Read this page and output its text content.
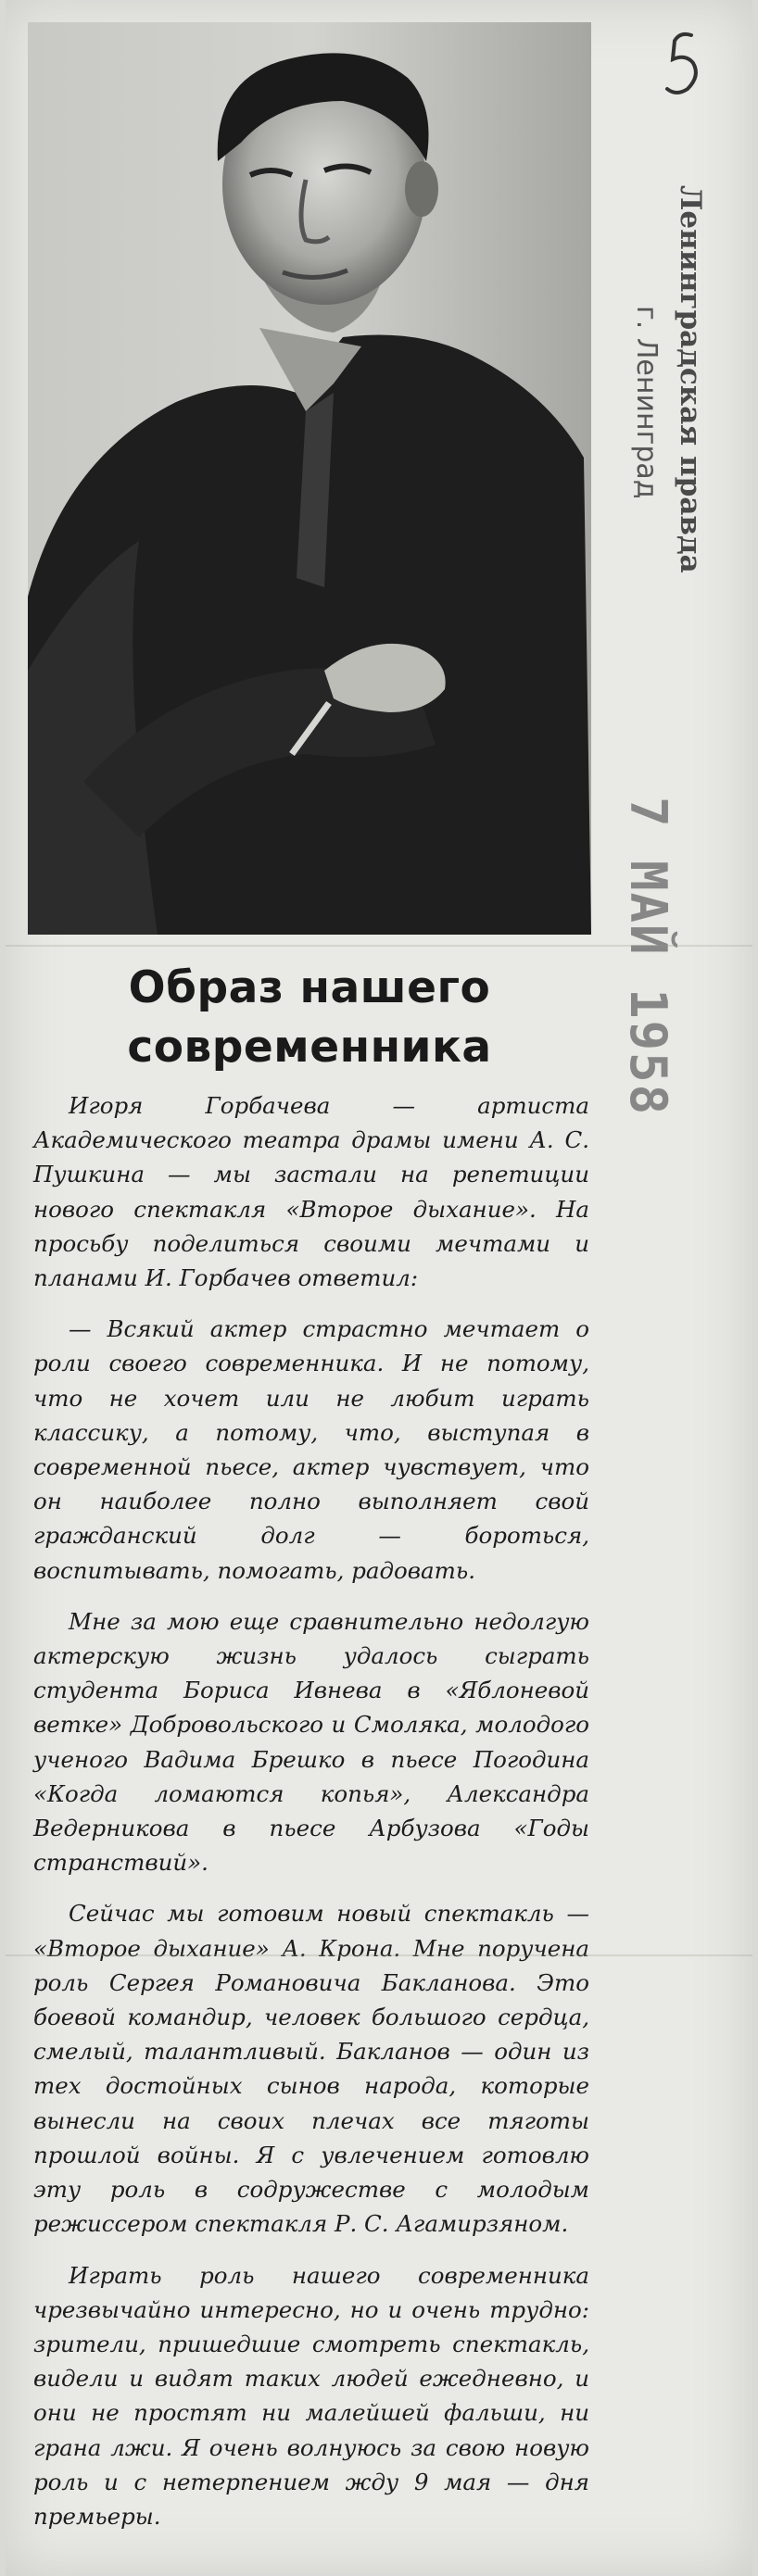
Образ нашего современника

Игоря Горбачева — артиста Академического театра драмы имени А. С. Пушкина — мы застали на репетиции нового спектакля «Второе дыхание». На просьбу поделиться своими мечтами и планами И. Горбачев ответил:

— Всякий актер страстно мечтает о роли своего современника. И не потому, что не хочет или не любит играть классику, а потому, что, выступая в современной пьесе, актер чувствует, что он наиболее полно выполняет свой гражданский долг — бороться, воспитывать, помогать, радовать.

Мне за мою еще сравнительно недолгую актерскую жизнь удалось сыграть студента Бориса Ивнева в «Яблоневой ветке» Добровольского и Смоляка, молодого ученого Вадима Брешко в пьесе Погодина «Когда ломаются копья», Александра Ведерникова в пьесе Арбузова «Годы странствий».

Сейчас мы готовим новый спектакль — «Второе дыхание» А. Крона. Мне поручена роль Сергея Романовича Бакланова. Это боевой командир, человек большого сердца, смелый, талантливый. Бакланов — один из тех достойных сынов народа, которые вынесли на своих плечах все тяготы прошлой войны. Я с увлечением готовлю эту роль в содружестве с молодым режиссером спектакля Р. С. Агамирзяном.

Играть роль нашего современника чрезвычайно интересно, но и очень трудно: зрители, пришедшие смотреть спектакль, видели и видят таких людей ежедневно, и они не простят ни малейшей фальши, ни грана лжи. Я очень волнуюсь за свою новую роль и с нетерпением жду 9 мая — дня премьеры.

Ленинградская правда
г. Ленинград
7 МАЙ 1958
